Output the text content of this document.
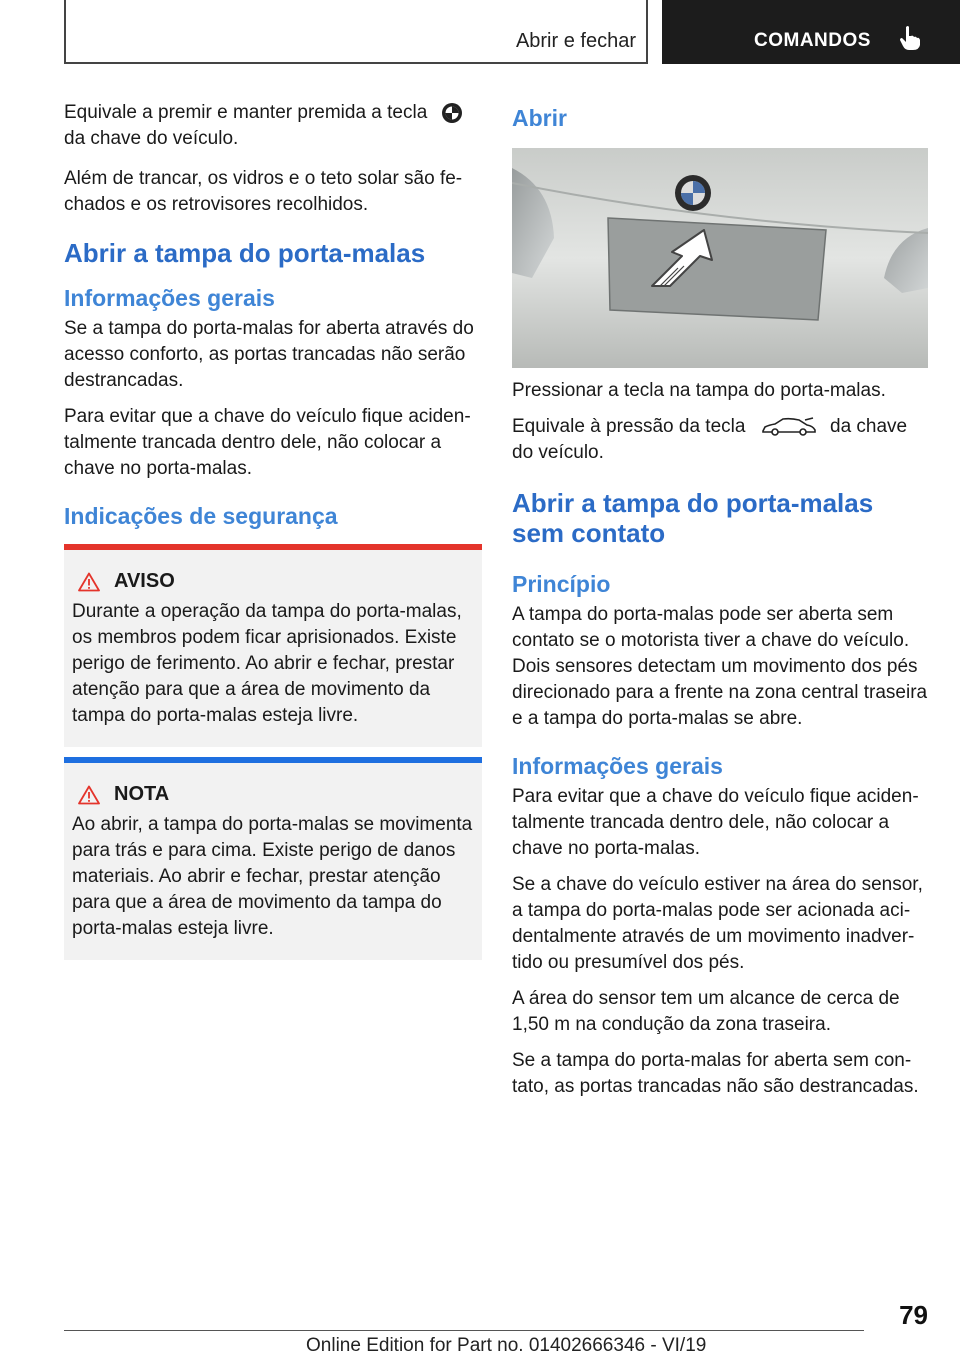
Abrir e fechar	COMANDOS

Equivale a premir e manter premida a tecla
da chave do veículo.

Além de trancar, os vidros e o teto solar são fe-chados e os retrovisores recolhidos.

Abrir a tampa do porta-malas
Informações gerais

Se a tampa do porta-malas for aberta através do acesso conforto, as portas trancadas não serão destrancadas.

Para evitar que a chave do veículo fique aciden-talmente trancada dentro dele, não colocar a chave no porta-malas.

Indicações de segurança
AVISO

Durante a operação da tampa do porta-malas, os membros podem ficar aprisionados. Existe perigo de ferimento. Ao abrir e fechar, prestar atenção para que a área de movimento da tampa do porta-malas esteja livre.

NOTA

Ao abrir, a tampa do porta-malas se movimenta para trás e para cima. Existe perigo de danos materiais. Ao abrir e fechar, prestar atenção para que a área de movimento da tampa do porta-malas esteja livre.

Abrir

Pressionar a tecla na tampa do porta-malas.

Equivale à pressão da tecla	da chave do veículo.

Abrir a tampa do porta-malas sem contato
Princípio

A tampa do porta-malas pode ser aberta sem contato se o motorista tiver a chave do veículo. Dois sensores detectam um movimento dos pés direcionado para a frente na zona central traseira e a tampa do porta-malas se abre.

Informações gerais

Para evitar que a chave do veículo fique aciden-talmente trancada dentro dele, não colocar a chave no porta-malas.

Se a chave do veículo estiver na área do sensor, a tampa do porta-malas pode ser acionada aci-dentalmente através de um movimento inadver-tido ou presumível dos pés.

A área do sensor tem um alcance de cerca de 1,50 m na condução da zona traseira.

Se a tampa do porta-malas for aberta sem con-tato, as portas trancadas não são destrancadas.

79
Online Edition for Part no. 01402666346 - VI/19
